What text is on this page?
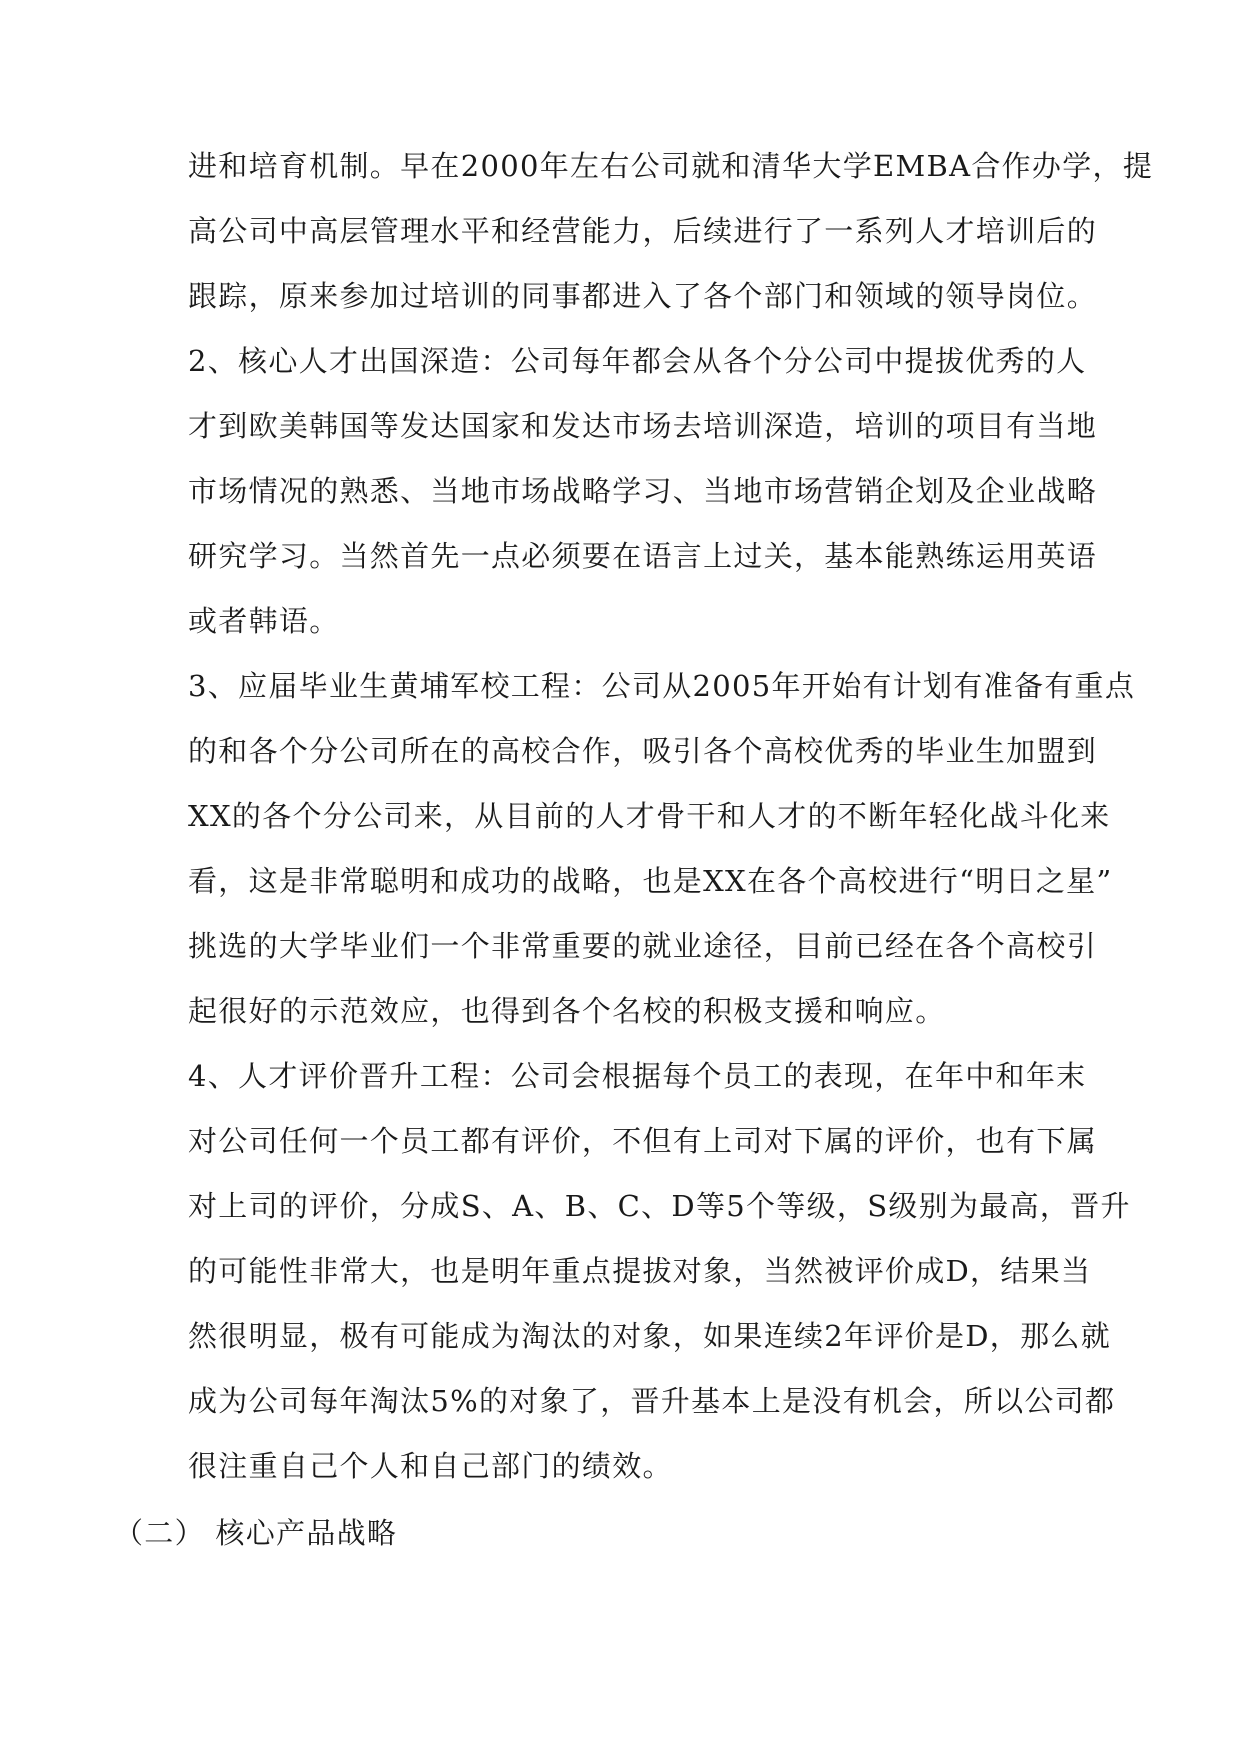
进和培育机制。早在2000年左右公司就和清华大学EMBA合作办学，提
高公司中高层管理水平和经营能力，后续进行了一系列人才培训后的
跟踪，原来参加过培训的同事都进入了各个部门和领域的领导岗位。
2、核心人才出国深造：公司每年都会从各个分公司中提拔优秀的人
才到欧美韩国等发达国家和发达市场去培训深造，培训的项目有当地
市场情况的熟悉、当地市场战略学习、当地市场营销企划及企业战略
研究学习。当然首先一点必须要在语言上过关，基本能熟练运用英语
或者韩语。
3、应届毕业生黄埔军校工程：公司从2005年开始有计划有准备有重点
的和各个分公司所在的高校合作，吸引各个高校优秀的毕业生加盟到
XX的各个分公司来，从目前的人才骨干和人才的不断年轻化战斗化来
看，这是非常聪明和成功的战略，也是XX在各个高校进行“明日之星”
挑选的大学毕业们一个非常重要的就业途径，目前已经在各个高校引
起很好的示范效应，也得到各个名校的积极支援和响应。
4、人才评价晋升工程：公司会根据每个员工的表现，在年中和年末
对公司任何一个员工都有评价，不但有上司对下属的评价，也有下属
对上司的评价，分成S、A、B、C、D等5个等级，S级别为最高，晋升
的可能性非常大，也是明年重点提拔对象，当然被评价成D，结果当
然很明显，极有可能成为淘汰的对象，如果连续2年评价是D，那么就
成为公司每年淘汰5%的对象了，晋升基本上是没有机会，所以公司都
很注重自己个人和自己部门的绩效。
（二） 核心产品战略
